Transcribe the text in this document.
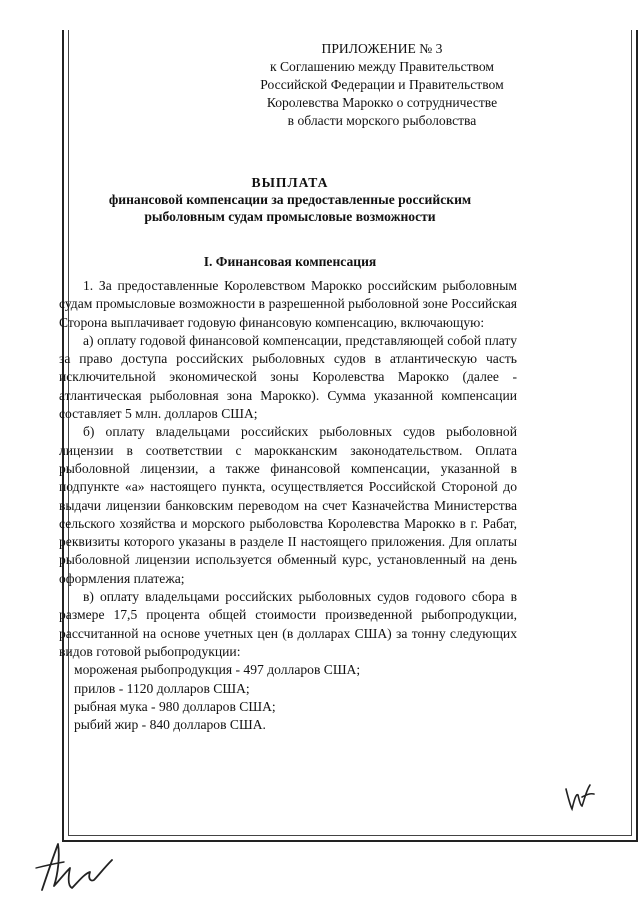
ПРИЛОЖЕНИЕ № 3
к Соглашению между Правительством
Российской Федерации и Правительством
Королевства Марокко о сотрудничестве
в области морского рыболовства
ВЫПЛАТА
финансовой компенсации за предоставленные российским рыболовным судам промысловые возможности
I. Финансовая компенсация

1. За предоставленные Королевством Марокко российским рыболовным судам промысловые возможности в разрешенной рыболовной зоне Российская Сторона выплачивает годовую финансовую компенсацию, включающую:

а) оплату годовой финансовой компенсации, представляющей собой плату за право доступа российских рыболовных судов в атлантическую часть исключительной экономической зоны Королевства Марокко (далее - атлантическая рыболовная зона Марокко). Сумма указанной компенсации составляет 5 млн. долларов США;

б) оплату владельцами российских рыболовных судов рыболовной лицензии в соответствии с марокканским законодательством. Оплата рыболовной лицензии, а также финансовой компенсации, указанной в подпункте «а» настоящего пункта, осуществляется Российской Стороной до выдачи лицензии банковским переводом на счет Казначейства Министерства сельского хозяйства и морского рыболовства Королевства Марокко в г. Рабат, реквизиты которого указаны в разделе II настоящего приложения. Для оплаты рыболовной лицензии используется обменный курс, установленный на день оформления платежа;

в) оплату владельцами российских рыболовных судов годового сбора в размере 17,5 процента общей стоимости произведенной рыбопродукции, рассчитанной на основе учетных цен (в долларах США) за тонну следующих видов готовой рыбопродукции:

мороженая рыбопродукция - 497 долларов США;
прилов - 1120 долларов США;
рыбная мука - 980 долларов США;
рыбий жир - 840 долларов США.
